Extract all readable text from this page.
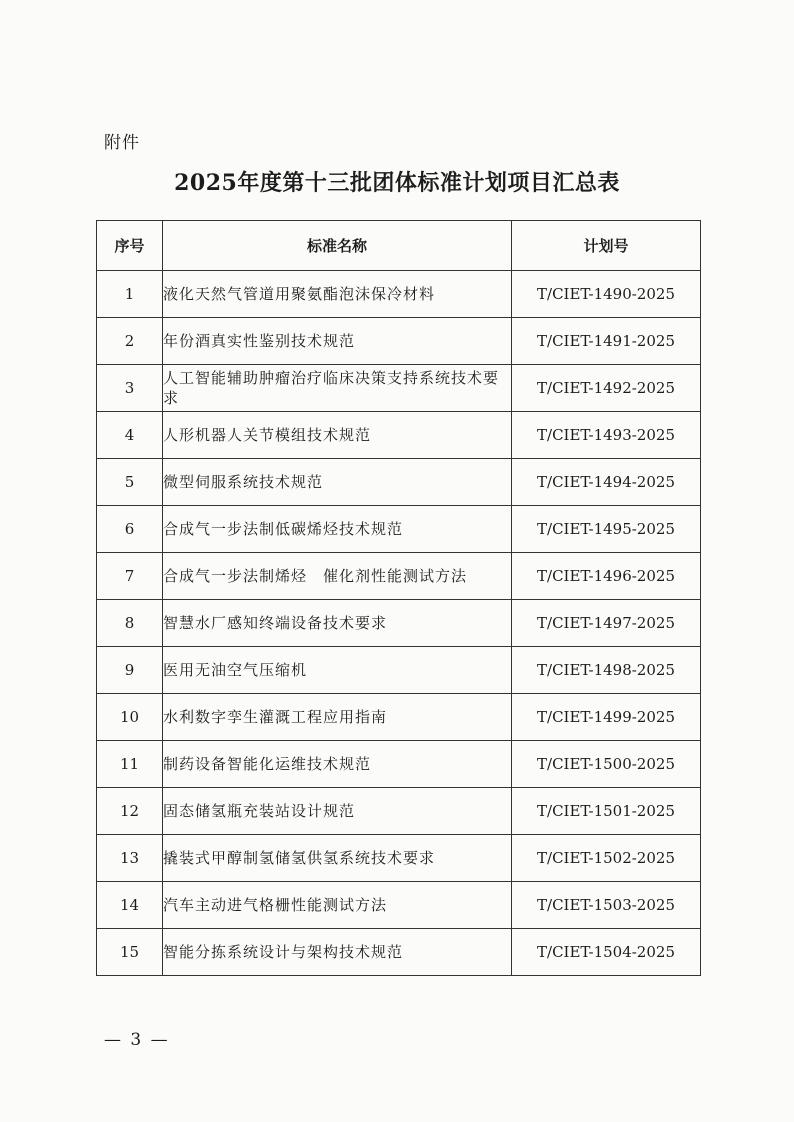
附件
2025年度第十三批团体标准计划项目汇总表
序号	标准名称	计划号
1	液化天然气管道用聚氨酯泡沫保冷材料	T/CIET-1490-2025
2	年份酒真实性鉴别技术规范	T/CIET-1491-2025
3	人工智能辅助肿瘤治疗临床决策支持系统技术要求	T/CIET-1492-2025
4	人形机器人关节模组技术规范	T/CIET-1493-2025
5	微型伺服系统技术规范	T/CIET-1494-2025
6	合成气一步法制低碳烯烃技术规范	T/CIET-1495-2025
7	合成气一步法制烯烃　催化剂性能测试方法	T/CIET-1496-2025
8	智慧水厂感知终端设备技术要求	T/CIET-1497-2025
9	医用无油空气压缩机	T/CIET-1498-2025
10	水利数字孪生灌溉工程应用指南	T/CIET-1499-2025
11	制药设备智能化运维技术规范	T/CIET-1500-2025
12	固态储氢瓶充装站设计规范	T/CIET-1501-2025
13	撬装式甲醇制氢储氢供氢系统技术要求	T/CIET-1502-2025
14	汽车主动进气格栅性能测试方法	T/CIET-1503-2025
15	智能分拣系统设计与架构技术规范	T/CIET-1504-2025
— 3 —
